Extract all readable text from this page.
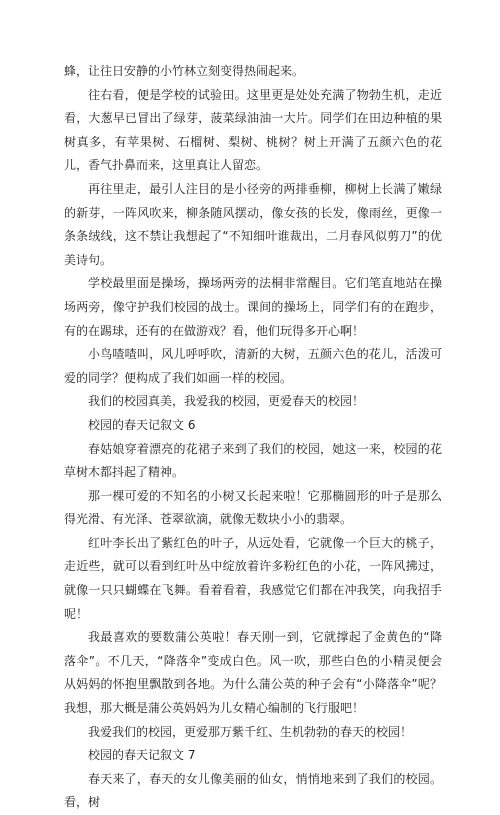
蜂，让往日安静的小竹林立刻变得热闹起来。

往右看，便是学校的试验田。这里更是处处充满了物勃生机，走近看，大葱早已冒出了绿芽，菠菜绿油油一大片。同学们在田边种植的果树真多，有苹果树、石榴树、梨树、桃树？树上开满了五颜六色的花儿，香气扑鼻而来，这里真让人留恋。

再往里走，最引人注目的是小径旁的两排垂柳，柳树上长满了嫩绿的新芽，一阵风吹来，柳条随风摆动，像女孩的长发，像雨丝，更像一条条绒线，这不禁让我想起了“不知细叶谁裁出，二月春风似剪刀”的优美诗句。

学校最里面是操场，操场两旁的法桐非常醒目。它们笔直地站在操场两旁，像守护我们校园的战士。课间的操场上，同学们有的在跑步，有的在踢球，还有的在做游戏？看，他们玩得多开心啊！

小鸟喳喳叫，风儿呼呼吹，清新的大树，五颜六色的花儿，活泼可爱的同学？便构成了我们如画一样的校园。

我们的校园真美，我爱我的校园，更爱春天的校园！

校园的春天记叙文 6

春姑娘穿着漂亮的花裙子来到了我们的校园，她这一来，校园的花草树木都抖起了精神。

那一棵可爱的不知名的小树又长起来啦！它那椭圆形的叶子是那么得光滑、有光泽、苍翠欲滴，就像无数块小小的翡翠。

红叶李长出了紫红色的叶子，从远处看，它就像一个巨大的桃子，走近些，就可以看到红叶丛中绽放着许多粉红色的小花，一阵风拂过，就像一只只蝴蝶在飞舞。看着看着，我感觉它们都在冲我笑，向我招手呢！

我最喜欢的要数蒲公英啦！春天刚一到，它就撑起了金黄色的“降落伞”。不几天，“降落伞”变成白色。风一吹，那些白色的小精灵便会从妈妈的怀抱里飘散到各地。为什么蒲公英的种子会有“小降落伞”呢？我想，那大概是蒲公英妈妈为儿女精心编制的飞行服吧！

我爱我们的校园，更爱那万紫千红、生机勃勃的春天的校园！

校园的春天记叙文 7

春天来了，春天的女儿像美丽的仙女，悄悄地来到了我们的校园。看，树
